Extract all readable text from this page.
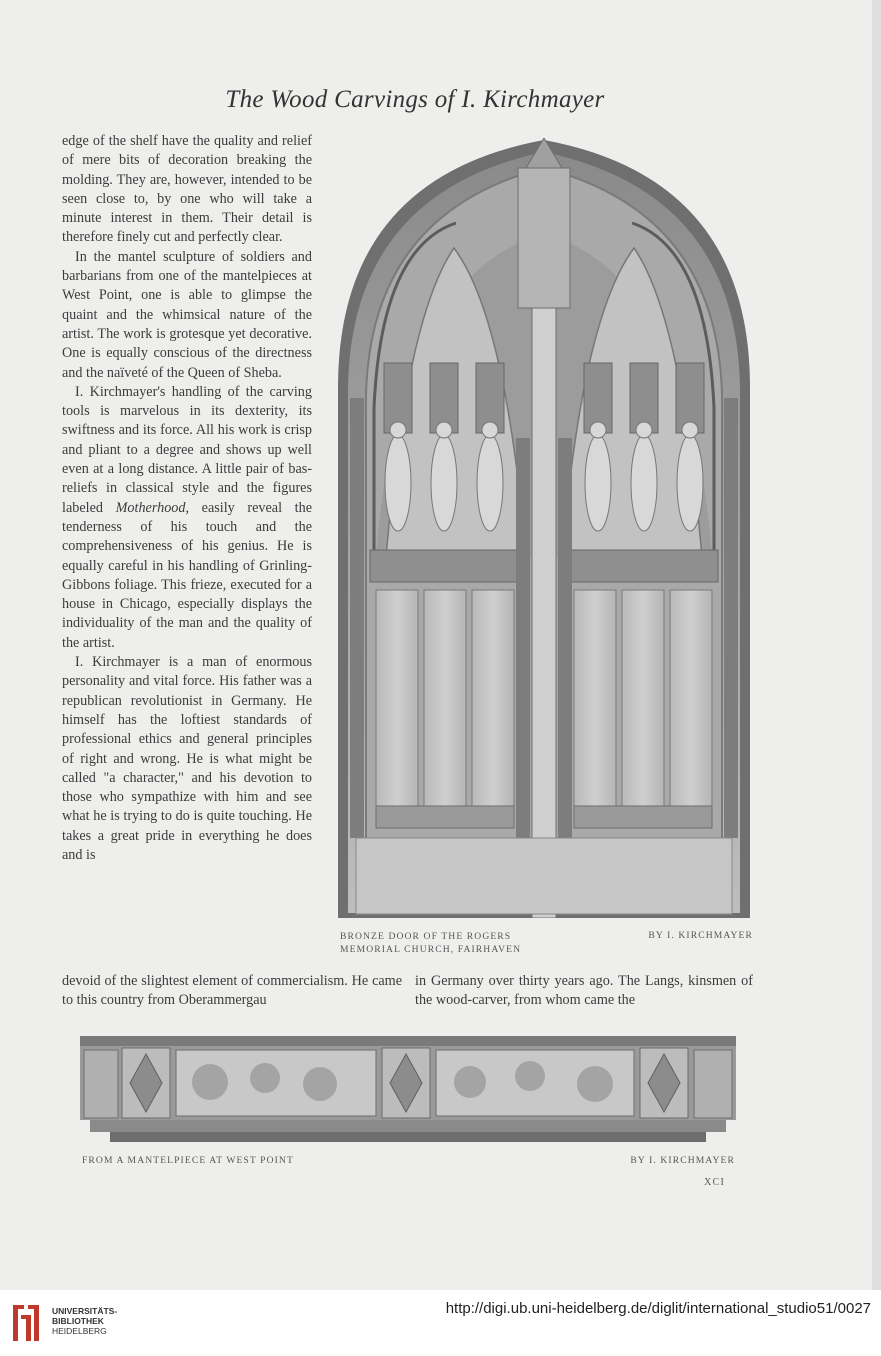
The Wood Carvings of I. Kirchmayer

edge of the shelf have the quality and relief of mere bits of decoration breaking the molding. They are, however, intended to be seen close to, by one who will take a minute interest in them. Their detail is therefore finely cut and perfectly clear.

In the mantel sculpture of soldiers and barbarians from one of the mantelpieces at West Point, one is able to glimpse the quaint and the whimsical nature of the artist. The work is grotesque yet decorative. One is equally conscious of the directness and the naïveté of the Queen of Sheba.

I. Kirchmayer's handling of the carving tools is marvelous in its dexterity, its swiftness and its force. All his work is crisp and pliant to a degree and shows up well even at a long distance. A little pair of bas-reliefs in classical style and the figures labeled Motherhood, easily reveal the tenderness of his touch and the comprehensiveness of his genius. He is equally careful in his handling of Grinling-Gibbons foliage. This frieze, executed for a house in Chicago, especially displays the individuality of the man and the quality of the artist.

I. Kirchmayer is a man of enormous personality and vital force. His father was a republican revolutionist in Germany. He himself has the loftiest standards of professional ethics and general principles of right and wrong. He is what might be called "a character," and his devotion to those who sympathize with him and see what he is trying to do is quite touching. He takes a great pride in everything he does and is

BRONZE DOOR OF THE ROGERS
MEMORIAL CHURCH, FAIRHAVEN
BY I. KIRCHMAYER

devoid of the slightest element of commercialism. He came to this country from Oberammergau

in Germany over thirty years ago. The Langs, kinsmen of the wood-carver, from whom came the

FROM A MANTELPIECE AT WEST POINT	BY I. KIRCHMAYER
XCI
UNIVERSITÄTS-
BIBLIOTHEK
HEIDELBERG
http://digi.ub.uni-heidelberg.de/diglit/international_studio51/0027
